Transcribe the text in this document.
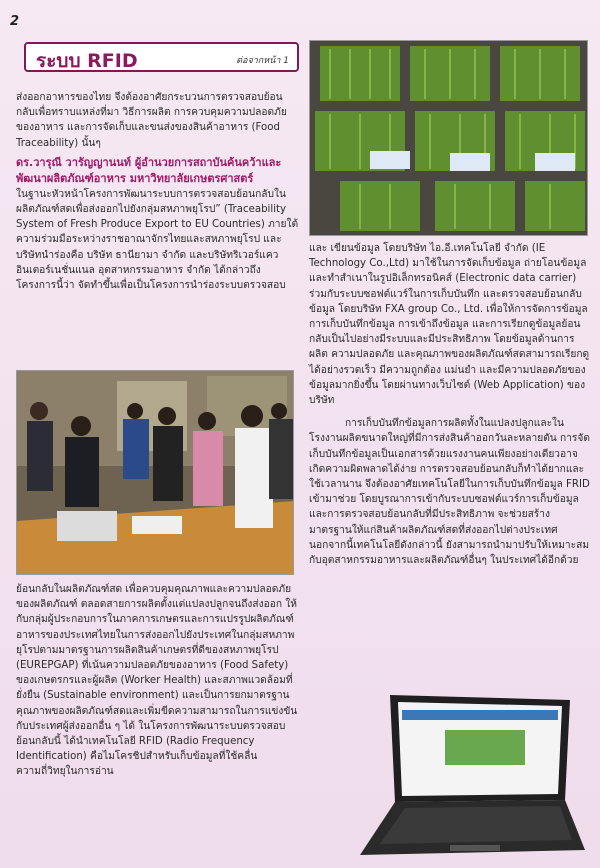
2
ระบบ RFID	ต่อจากหน้า 1

ส่งออกอาหารของไทย จึงต้องอาศัยกระบวนการตรวจสอบย้อนกลับเพื่อทราบแหล่งที่มา วิธีการผลิต การควบคุมความปลอดภัยของอาหาร และการจัดเก็บและขนส่งของสินค้าอาหาร (Food Traceability) นั้นๆ

ดร.วารุณี วารัญญานนท์ ผู้อำนวยการสถาบันค้นคว้าและพัฒนาผลิตภัณฑ์อาหาร มหาวิทยาลัยเกษตรศาสตร์

ในฐานะหัวหน้าโครงการพัฒนาระบบการตรวจสอบย้อนกลับในผลิตภัณฑ์สดเพื่อส่งออกไปยังกลุ่มสหภาพยุโรป” (Traceability System of Fresh Produce Export to EU Countries) ภายใต้ความร่วมมือระหว่างราชอาณาจักรไทยและสหภาพยุโรป และบริษัทนำร่องคือ บริษัท ธานียามา จำกัด และบริษัทริเวอร์แควอินเตอร์เนชั่นแนล อุตสาหกรรมอาหาร จำกัด ได้กล่าวถึงโครงการนี้ว่า จัดทำขึ้นเพื่อเป็นโครงการนำร่องระบบตรวจสอบ

ย้อนกลับในผลิตภัณฑ์สด เพื่อควบคุมคุณภาพและความปลอดภัยของผลิตภัณฑ์ ตลอดสายการผลิตตั้งแต่แปลงปลูกจนถึงส่งออก ให้กับกลุ่มผู้ประกอบการในภาคการเกษตรและการแปรรูปผลิตภัณฑ์อาหารของประเทศไทยในการส่งออกไปยังประเทศในกลุ่มสหภาพยุโรปตามมาตรฐานการผลิตสินค้าเกษตรที่ดีของสหภาพยุโรป (EUREPGAP) ที่เน้นความปลอดภัยของอาหาร (Food Safety) ของเกษตรกรและผู้ผลิต (Worker Health) และสภาพแวดล้อมที่ยั่งยืน (Sustainable environment) และเป็นการยกมาตรฐานคุณภาพของผลิตภัณฑ์สดและเพิ่มขีดความสามารถในการแข่งขันกับประเทศผู้ส่งออกอื่น ๆ ได้ ในโครงการพัฒนาระบบตรวจสอบย้อนกลับนี้ ได้นำเทคโนโลยี RFID (Radio Frequency Identification) คือไมโครชิปสำหรับเก็บข้อมูลที่ใช้คลื่นความถี่วิทยุในการอ่าน

และ เขียนข้อมูล โดยบริษัท ไอ.อี.เทคโนโลยี จำกัด (IE Technology Co.,Ltd) มาใช้ในการจัดเก็บข้อมูล ถ่ายโอนข้อมูลและทำสำเนาในรูปอิเล็กทรอนิคส์ (Electronic data carrier) ร่วมกับระบบซอฟต์แวร์ในการเก็บบันทึก และตรวจสอบย้อนกลับข้อมูล โดยบริษัท FXA group Co., Ltd. เพื่อให้การจัดการข้อมูลการเก็บบันทึกข้อมูล การเข้าถึงข้อมูล และการเรียกดูข้อมูลย้อนกลับเป็นไปอย่างมีระบบและมีประสิทธิภาพ โดยข้อมูลด้านการผลิต ความปลอดภัย และคุณภาพของผลิตภัณฑ์สดสามารถเรียกดูได้อย่างรวดเร็ว มีความถูกต้อง แม่นยำ และมีความปลอดภัยของข้อมูลมากยิ่งขึ้น โดยผ่านทางเว็บไซต์ (Web Application) ของบริษัท

การเก็บบันทึกข้อมูลการผลิตทั้งในแปลงปลูกและในโรงงานผลิตขนาดใหญ่ที่มีการส่งสินค้าออกวันละหลายตัน การจัดเก็บบันทึกข้อมูลเป็นเอกสารด้วยแรงงานคนเพียงอย่างเดียวอาจเกิดความผิดพลาดได้ง่าย การตรวจสอบย้อนกลับก็ทำได้ยากและใช้เวลานาน จึงต้องอาศัยเทคโนโลยีในการเก็บบันทึกข้อมูล FRID เข้ามาช่วย โดยบูรณาการเข้ากับระบบซอฟต์แวร์การเก็บข้อมูลและการตรวจสอบย้อนกลับที่มีประสิทธิภาพ จะช่วยสร้างมาตรฐานให้แก่สินค้าผลิตภัณฑ์สดที่ส่งออกไปต่างประเทศ นอกจากนี้เทคโนโลยีดังกล่าวนี้ ยังสามารถนำมาปรับให้เหมาะสมกับอุตสาหกรรมอาหารและผลิตภัณฑ์อื่นๆ ในประเทศได้อีกด้วย
